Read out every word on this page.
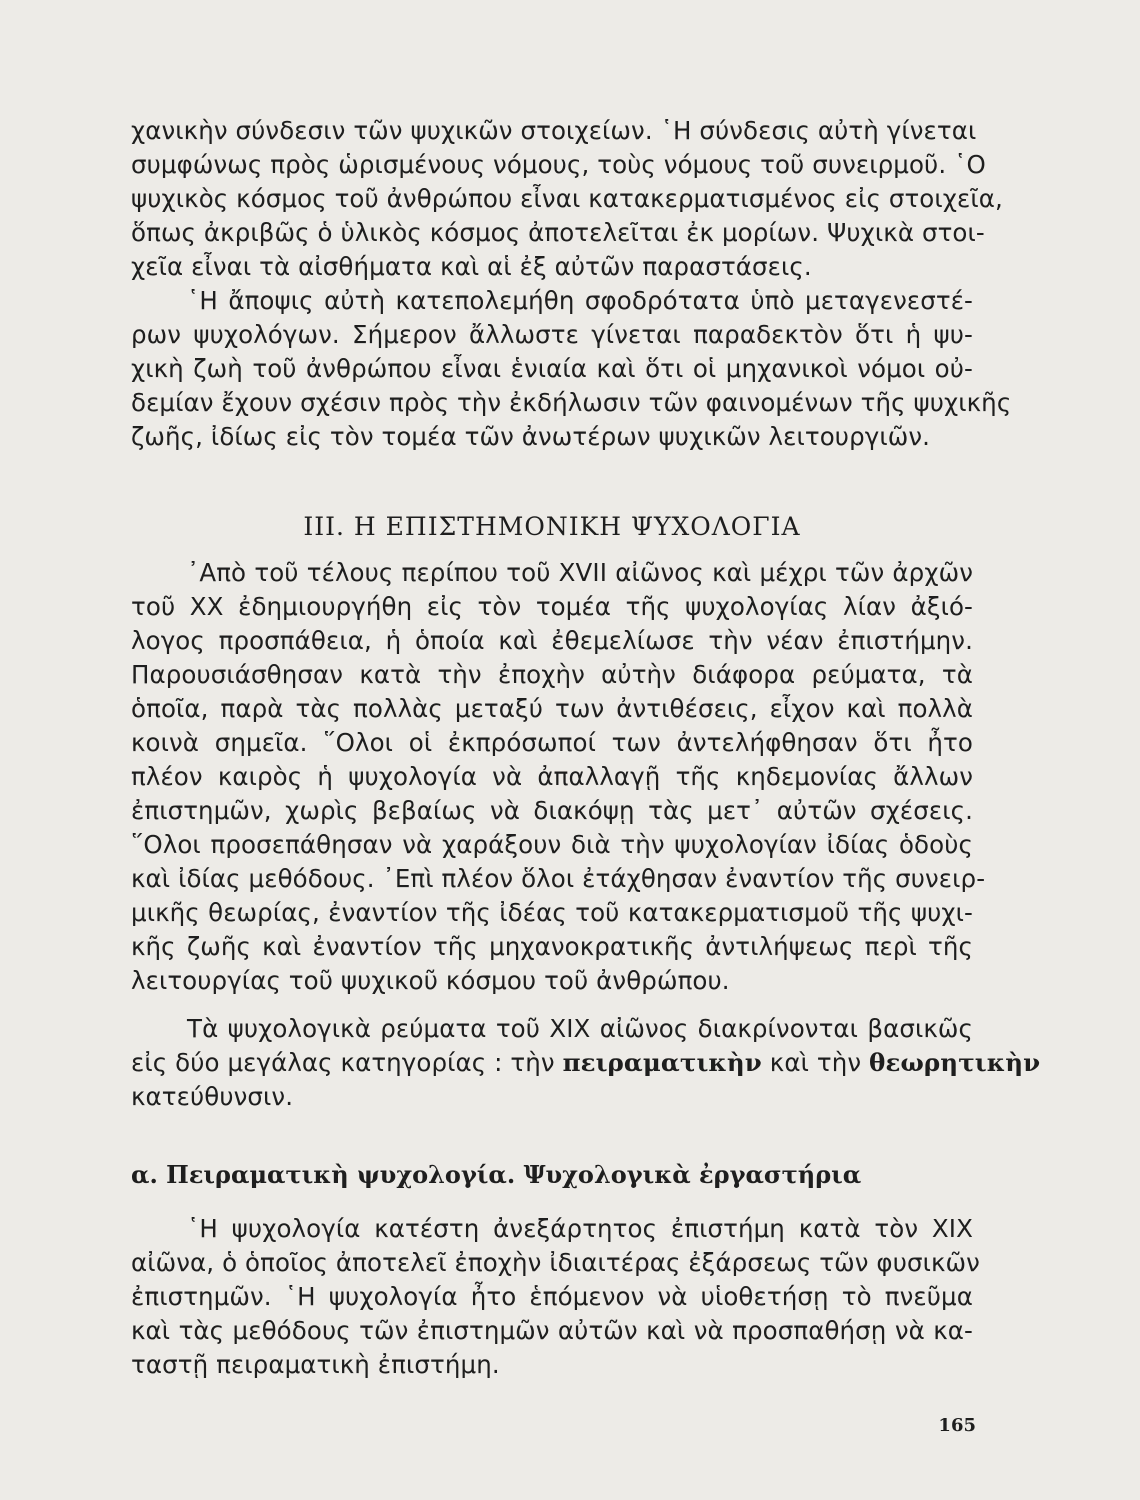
χανικὴν σύνδεσιν τῶν ψυχικῶν στοιχείων. ῾Η σύνδεσις αὐτὴ γίνεται
συμφώνως πρὸς ὡρισμένους νόμους, τοὺς νόμους τοῦ συνειρμοῦ. ῾Ο
ψυχικὸς κόσμος τοῦ ἀνθρώπου εἶναι κατακερματισμένος εἰς στοιχεῖα,
ὅπως ἀκριβῶς ὁ ὑλικὸς κόσμος ἀποτελεῖται ἐκ μορίων. Ψυχικὰ στοι-
χεῖα εἶναι τὰ αἰσθήματα καὶ αἱ ἐξ αὐτῶν παραστάσεις.
῾Η ἄποψις αὐτὴ κατεπολεμήθη σφοδρότατα ὑπὸ μεταγενεστέ-
ρων ψυχολόγων. Σήμερον ἄλλωστε γίνεται παραδεκτὸν ὅτι ἡ ψυ-
χικὴ ζωὴ τοῦ ἀνθρώπου εἶναι ἑνιαία καὶ ὅτι οἱ μηχανικοὶ νόμοι οὐ-
δεμίαν ἔχουν σχέσιν πρὸς τὴν ἐκδήλωσιν τῶν φαινομένων τῆς ψυχικῆς
ζωῆς, ἰδίως εἰς τὸν τομέα τῶν ἀνωτέρων ψυχικῶν λειτουργιῶν.
III. Η ΕΠΙΣΤΗΜΟΝΙΚΗ ΨΥΧΟΛΟΓΙΑ
᾽Απὸ τοῦ τέλους περίπου τοῦ XVII αἰῶνος καὶ μέχρι τῶν ἀρχῶν
τοῦ XX ἐδημιουργήθη εἰς τὸν τομέα τῆς ψυχολογίας λίαν ἀξιό-
λογος προσπάθεια, ἡ ὁποία καὶ ἐθεμελίωσε τὴν νέαν ἐπιστήμην.
Παρουσιάσθησαν κατὰ τὴν ἐποχὴν αὐτὴν διάφορα ρεύματα, τὰ
ὁποῖα, παρὰ τὰς πολλὰς μεταξύ των ἀντιθέσεις, εἶχον καὶ πολλὰ
κοινὰ σημεῖα. ῞Ολοι οἱ ἐκπρόσωποί των ἀντελήφθησαν ὅτι ἦτο
πλέον καιρὸς ἡ ψυχολογία νὰ ἀπαλλαγῇ τῆς κηδεμονίας ἄλλων
ἐπιστημῶν, χωρὶς βεβαίως νὰ διακόψῃ τὰς μετ᾽ αὐτῶν σχέσεις.
῞Ολοι προσεπάθησαν νὰ χαράξουν διὰ τὴν ψυχολογίαν ἰδίας ὁδοὺς
καὶ ἰδίας μεθόδους. ᾽Επὶ πλέον ὅλοι ἐτάχθησαν ἐναντίον τῆς συνειρ-
μικῆς θεωρίας, ἐναντίον τῆς ἰδέας τοῦ κατακερματισμοῦ τῆς ψυχι-
κῆς ζωῆς καὶ ἐναντίον τῆς μηχανοκρατικῆς ἀντιλήψεως περὶ τῆς
λειτουργίας τοῦ ψυχικοῦ κόσμου τοῦ ἀνθρώπου.
Τὰ ψυχολογικὰ ρεύματα τοῦ XIX αἰῶνος διακρίνονται βασικῶς
εἰς δύο μεγάλας κατηγορίας : τὴν πειραματικὴν καὶ τὴν θεωρητικὴν
κατεύθυνσιν.
α. Πειραματικὴ ψυχολογία. Ψυχολογικὰ ἐργαστήρια
῾Η ψυχολογία κατέστη ἀνεξάρτητος ἐπιστήμη κατὰ τὸν XIX
αἰῶνα, ὁ ὁποῖος ἀποτελεῖ ἐποχὴν ἰδιαιτέρας ἐξάρσεως τῶν φυσικῶν
ἐπιστημῶν. ῾Η ψυχολογία ἦτο ἑπόμενον νὰ υἱοθετήσῃ τὸ πνεῦμα
καὶ τὰς μεθόδους τῶν ἐπιστημῶν αὐτῶν καὶ νὰ προσπαθήσῃ νὰ κα-
ταστῇ πειραματικὴ ἐπιστήμη.
165
